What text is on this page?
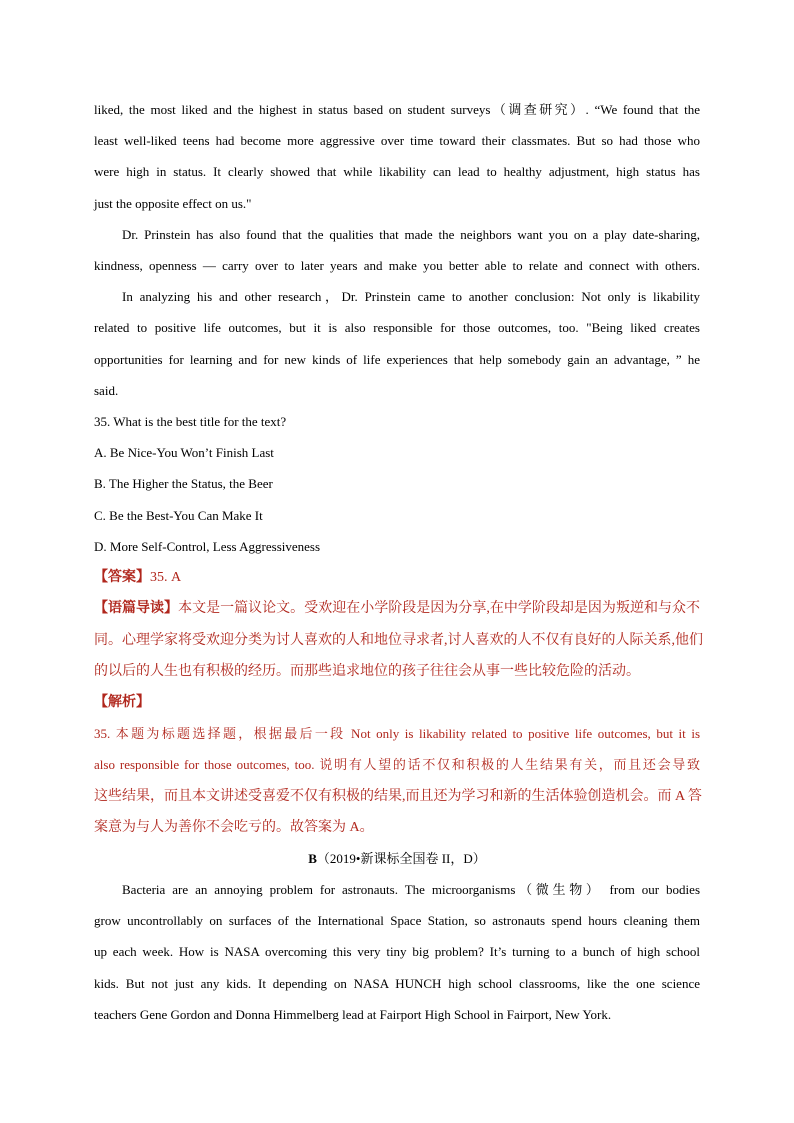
liked, the most liked and the highest in status based on student surveys（调查研究）. “We found that the
least well-liked teens had become more aggressive over time toward their classmates. But so had those who
were high in status. It clearly showed that while likability can lead to healthy adjustment, high status has
just the opposite effect on us."
Dr. Prinstein has also found that the qualities that made the neighbors want you on a play date-sharing,
kindness, openness — carry over to later years and make you better able to relate and connect with others.
In analyzing his and other research，Dr. Prinstein came to another conclusion: Not only is likability
related to positive life outcomes, but it is also responsible for those outcomes, too. "Being liked creates
opportunities for learning and for new kinds of life experiences that help somebody gain an advantage, ” he
said.
35. What is the best title for the text?
A. Be Nice-You Won’t Finish Last
B. The Higher the Status, the Beer
C. Be the Best-You Can Make It
D. More Self-Control, Less Aggressiveness
【答案】35. A
【语篇导读】本文是一篇议论文。受欢迎在小学阶段是因为分享,在中学阶段却是因为叛逆和与众不
同。心理学家将受欢迎分类为讨人喜欢的人和地位寻求者,讨人喜欢的人不仅有良好的人际关系,他们
的以后的人生也有积极的经历。而那些追求地位的孩子往往会从事一些比较危险的活动。
【解析】
35. 本题为标题选择题，根据最后一段 Not only is likability related to positive life outcomes, but it is
also responsible for those outcomes, too. 说明有人望的话不仅和积极的人生结果有关，而且还会导致
这些结果，而且本文讲述受喜爱不仅有积极的结果,而且还为学习和新的生活体验创造机会。而 A 答
案意为与人为善你不会吃亏的。故答案为 A。
B（2019•新课标全国卷 II，D）
Bacteria are an annoying problem for astronauts. The microorganisms（微生物） from our bodies
grow uncontrollably on surfaces of the International Space Station, so astronauts spend hours cleaning them
up each week. How is NASA overcoming this very tiny big problem? It’s turning to a bunch of high school
kids. But not just any kids. It depending on NASA HUNCH high school classrooms, like the one science
teachers Gene Gordon and Donna Himmelberg lead at Fairport High School in Fairport, New York.
